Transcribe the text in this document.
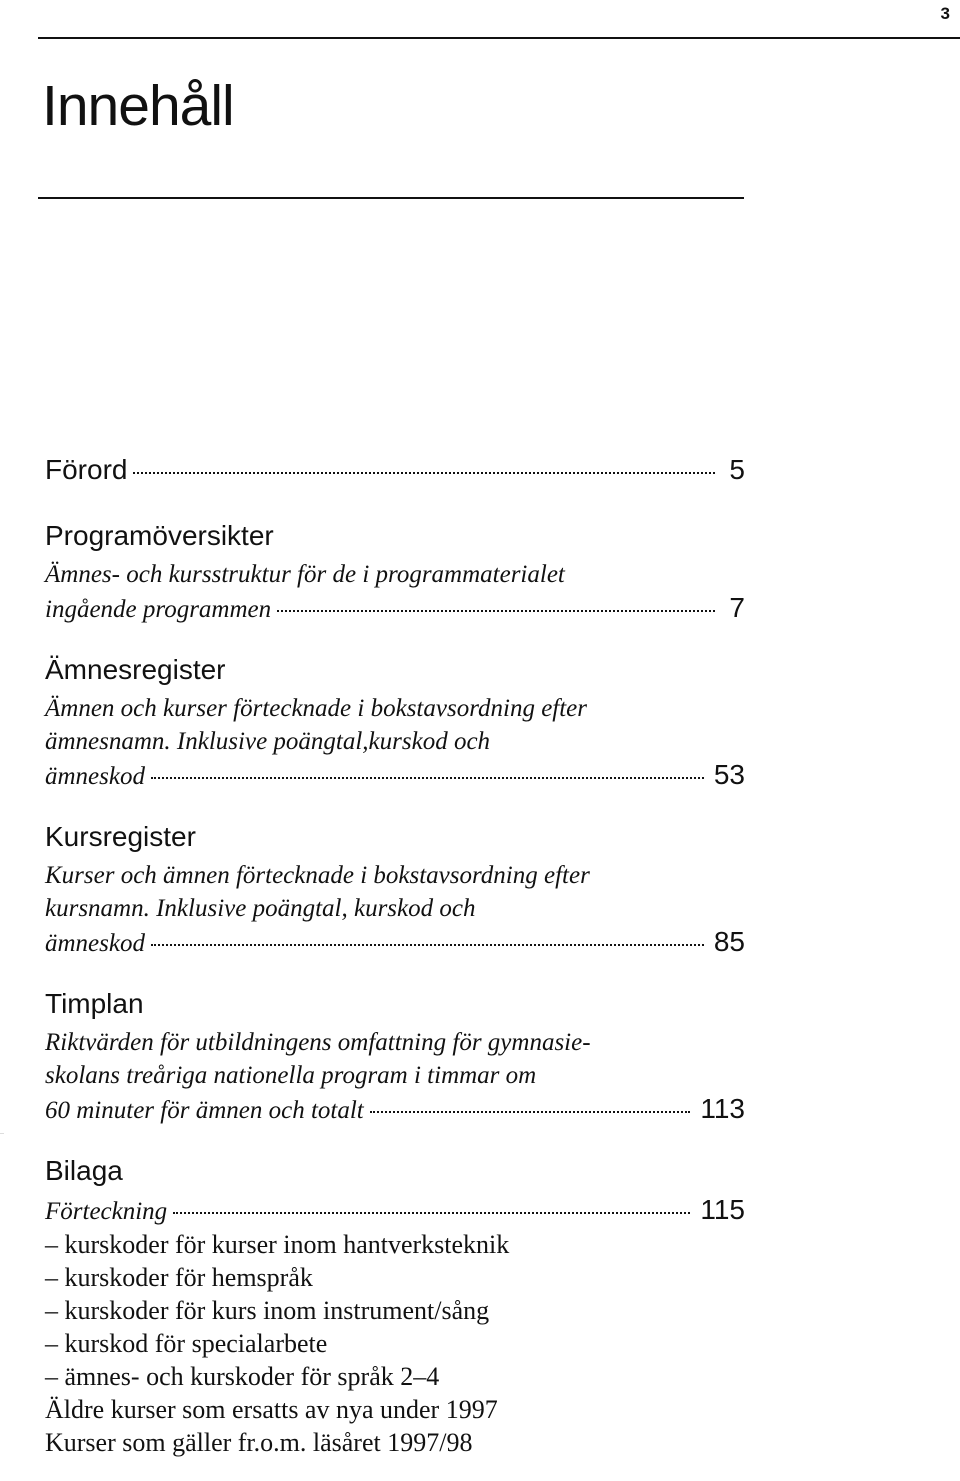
3
Innehåll
Förord	5
Programöversikter
Ämnes- och kursstruktur för de i programmaterialet
ingående programmen	7
Ämnesregister
Ämnen och kurser förtecknade i bokstavsordning efter
ämnesnamn. Inklusive poängtal,kurskod och
ämneskod	53
Kursregister
Kurser och ämnen förtecknade i bokstavsordning efter
kursnamn. Inklusive poängtal, kurskod och
ämneskod	85
Timplan
Riktvärden för utbildningens omfattning för gymnasie-
skolans treåriga nationella program i timmar om
60 minuter för ämnen och totalt	113
Bilaga
Förteckning	115
– kurskoder för kurser inom hantverksteknik
– kurskoder för hemspråk
– kurskoder för kurs inom instrument/sång
– kurskod för specialarbete
– ämnes- och kurskoder för språk 2–4
Äldre kurser som ersatts av nya under 1997
Kurser som gäller fr.o.m. läsåret 1997/98
